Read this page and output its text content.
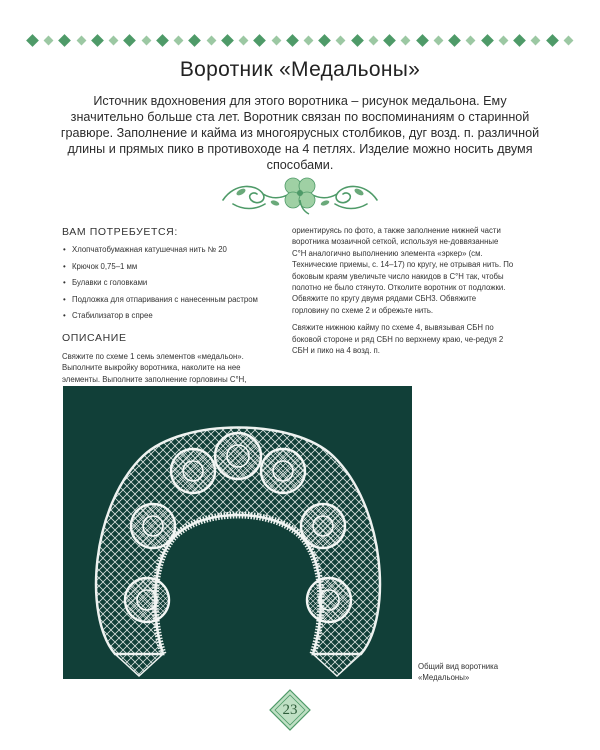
Воротник «Медальоны»
Источник вдохновения для этого воротника – рисунок медальона. Ему значительно больше ста лет. Воротник связан по воспоминаниям о старинной гравюре. Заполнение и кайма из многоярусных столбиков, дуг возд. п. различной длины и прямых пико в противоходе на 4 петлях. Изделие можно носить двумя способами.
ВАМ ПОТРЕБУЕТСЯ:
• Хлопчатобумажная катушечная нить № 20
• Крючок 0,75–1 мм
• Булавки с головками
• Подложка для отпаривания с нанесенным растром
• Стабилизатор в спрее
ОПИСАНИЕ

Свяжите по схеме 1 семь элементов «медальон». Выполните выкройку воротника, наколите на нее элементы. Выполните заполнение горловины С°Н,

ориентируясь по фото, а также заполнение нижней части воротника мозаичной сеткой, используя не-доввязанные С°Н аналогично выполнению элемента «эркер» (см. Технические приемы, с. 14–17) по кругу, не отрывая нить. По боковым краям увеличьте число накидов в С°Н так, чтобы полотно не было стянуто. Отколите воротник от подложки. Обвяжите по кругу двумя рядами СБН3. Обвяжите горловину по схеме 2 и обрежьте нить.

Свяжите нижнюю кайму по схеме 4, вывязывая СБН по боковой стороне и ряд СБН по верхнему краю, че-редуя 2 СБН и пико на 4 возд. п.

Общий вид воротника «Медальоны»
23
